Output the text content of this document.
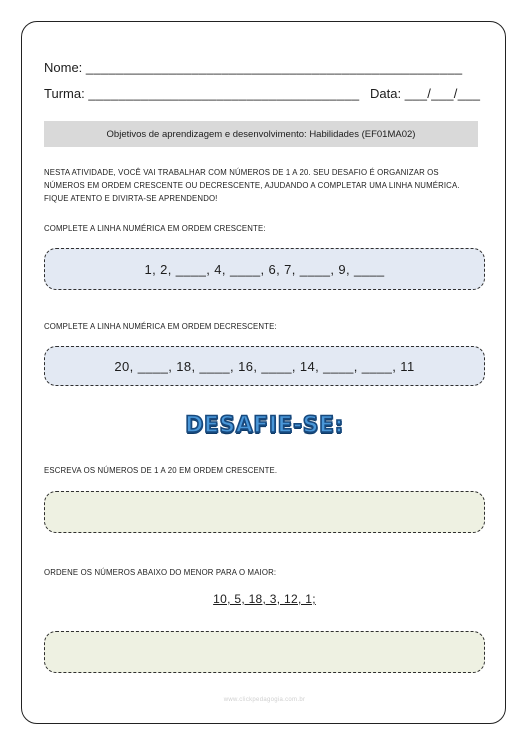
Nome: __________________________________________________
Turma: ____________________________________ Data: ___/___/___
Objetivos de aprendizagem e desenvolvimento: Habilidades (EF01MA02)
NESTA ATIVIDADE, VOCÊ VAI TRABALHAR COM NÚMEROS DE 1 A 20. SEU DESAFIO É ORGANIZAR OS
NÚMEROS EM ORDEM CRESCENTE OU DECRESCENTE, AJUDANDO A COMPLETAR UMA LINHA NUMÉRICA.
FIQUE ATENTO E DIVIRTA-SE APRENDENDO!
COMPLETE A LINHA NUMÉRICA EM ORDEM CRESCENTE:
1, 2, ____, 4, ____, 6, 7, ____, 9, ____
COMPLETE A LINHA NUMÉRICA EM ORDEM DECRESCENTE:
20, ____, 18, ____, 16, ____, 14, ____, ____, 11
DESAFIE-SE:
ESCREVA OS NÚMEROS DE 1 A 20 EM ORDEM CRESCENTE.
ORDENE OS NÚMEROS ABAIXO DO MENOR PARA O MAIOR:
10, 5, 18, 3, 12, 1;
www.clickpedagogia.com.br
